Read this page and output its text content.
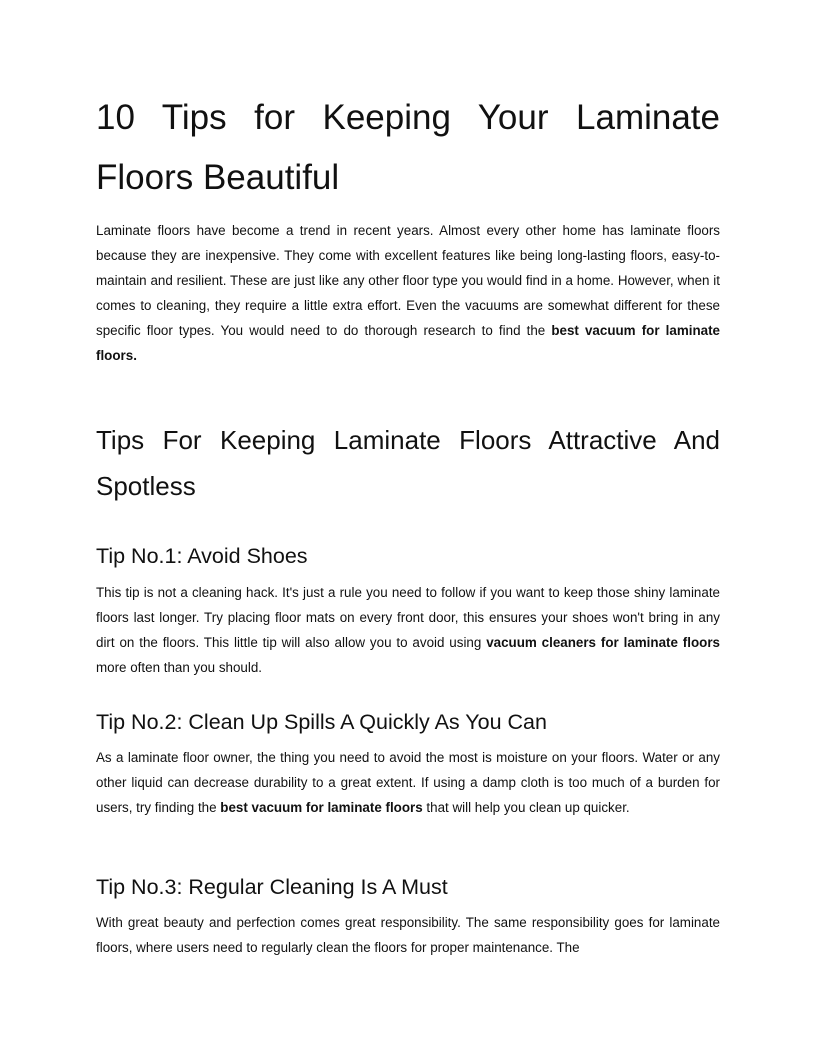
10 Tips for Keeping Your Laminate Floors Beautiful

Laminate floors have become a trend in recent years. Almost every other home has laminate floors because they are inexpensive. They come with excellent features like being long-lasting floors, easy-to-maintain and resilient. These are just like any other floor type you would find in a home. However, when it comes to cleaning, they require a little extra effort. Even the vacuums are somewhat different for these specific floor types. You would need to do thorough research to find the best vacuum for laminate floors.

Tips For Keeping Laminate Floors Attractive And Spotless
Tip No.1: Avoid Shoes

This tip is not a cleaning hack. It's just a rule you need to follow if you want to keep those shiny laminate floors last longer. Try placing floor mats on every front door, this ensures your shoes won't bring in any dirt on the floors. This little tip will also allow you to avoid using vacuum cleaners for laminate floors more often than you should.

Tip No.2: Clean Up Spills A Quickly As You Can

As a laminate floor owner, the thing you need to avoid the most is moisture on your floors. Water or any other liquid can decrease durability to a great extent. If using a damp cloth is too much of a burden for users, try finding the best vacuum for laminate floors that will help you clean up quicker.

Tip No.3: Regular Cleaning Is A Must

With great beauty and perfection comes great responsibility. The same responsibility goes for laminate floors, where users need to regularly clean the floors for proper maintenance. The
